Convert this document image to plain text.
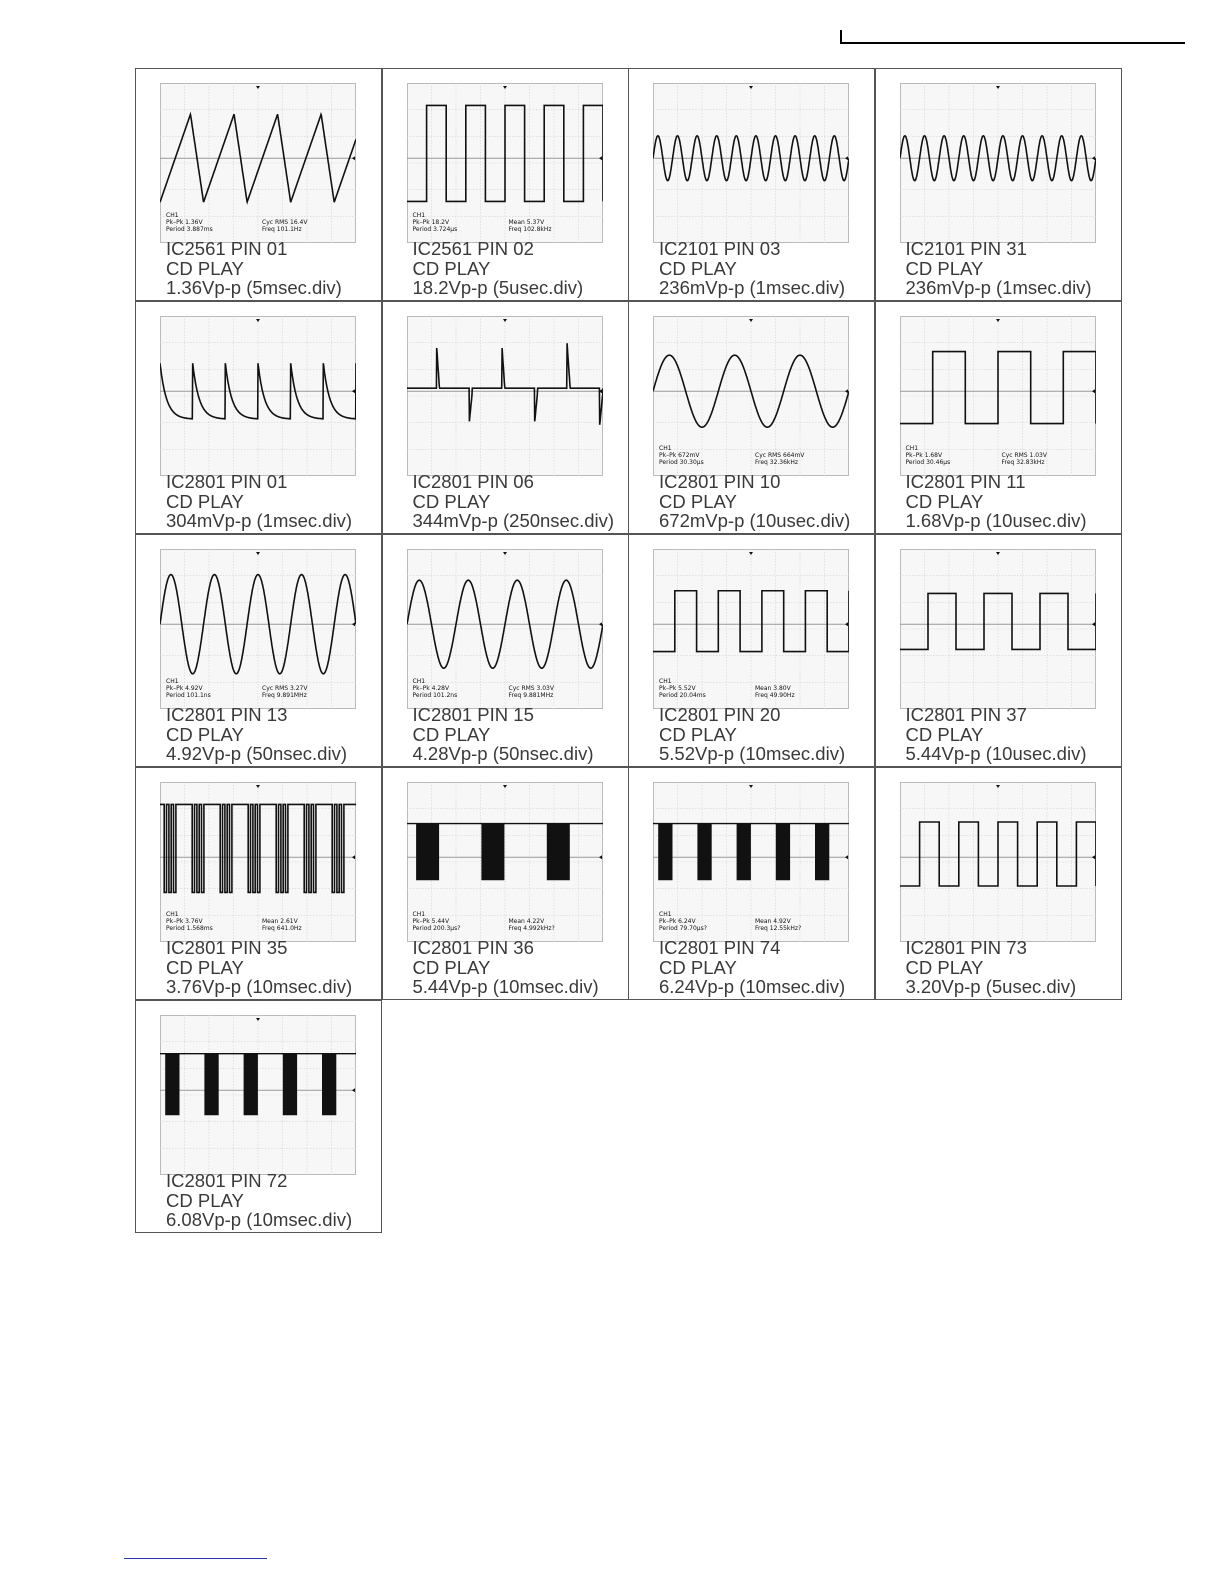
CH1
Pk–Pk 1.36V	Cyc RMS 16.4V
Period 3.887ms	Freq 101.1Hz
IC2561 PIN 01
CD PLAY
1.36Vp-p (5msec.div)
CH1
Pk–Pk 18.2V	Mean 5.37V
Period 3.724μs	Freq 102.8kHz
IC2561 PIN 02
CD PLAY
18.2Vp-p (5usec.div)
IC2101 PIN 03
CD PLAY
236mVp-p (1msec.div)
IC2101 PIN 31
CD PLAY
236mVp-p (1msec.div)
IC2801 PIN 01
CD PLAY
304mVp-p (1msec.div)
IC2801 PIN 06
CD PLAY
344mVp-p (250nsec.div)
CH1
Pk–Pk 672mV	Cyc RMS 664mV
Period 30.30μs	Freq 32.36kHz
IC2801 PIN 10
CD PLAY
672mVp-p (10usec.div)
CH1
Pk–Pk 1.68V	Cyc RMS 1.03V
Period 30.46μs	Freq 32.83kHz
IC2801 PIN 11
CD PLAY
1.68Vp-p (10usec.div)
CH1
Pk–Pk 4.92V	Cyc RMS 3.27V
Period 101.1ns	Freq 9.891MHz
IC2801 PIN 13
CD PLAY
4.92Vp-p (50nsec.div)
CH1
Pk–Pk 4.28V	Cyc RMS 3.03V
Period 101.2ns	Freq 9.881MHz
IC2801 PIN 15
CD PLAY
4.28Vp-p (50nsec.div)
CH1
Pk–Pk 5.52V	Mean 3.80V
Period 20.04ms	Freq 49.90Hz
IC2801 PIN 20
CD PLAY
5.52Vp-p (10msec.div)
IC2801 PIN 37
CD PLAY
5.44Vp-p (10usec.div)
CH1
Pk–Pk 3.76V	Mean 2.61V
Period 1.568ms	Freq 641.0Hz
IC2801 PIN 35
CD PLAY
3.76Vp-p (10msec.div)
CH1
Pk–Pk 5.44V	Mean 4.22V
Period 200.3μs?	Freq 4.992kHz?
IC2801 PIN 36
CD PLAY
5.44Vp-p (10msec.div)
CH1
Pk–Pk 6.24V	Mean 4.92V
Period 79.70μs?	Freq 12.55kHz?
IC2801 PIN 74
CD PLAY
6.24Vp-p (10msec.div)
IC2801 PIN 73
CD PLAY
3.20Vp-p (5usec.div)
IC2801 PIN 72
CD PLAY
6.08Vp-p (10msec.div)
